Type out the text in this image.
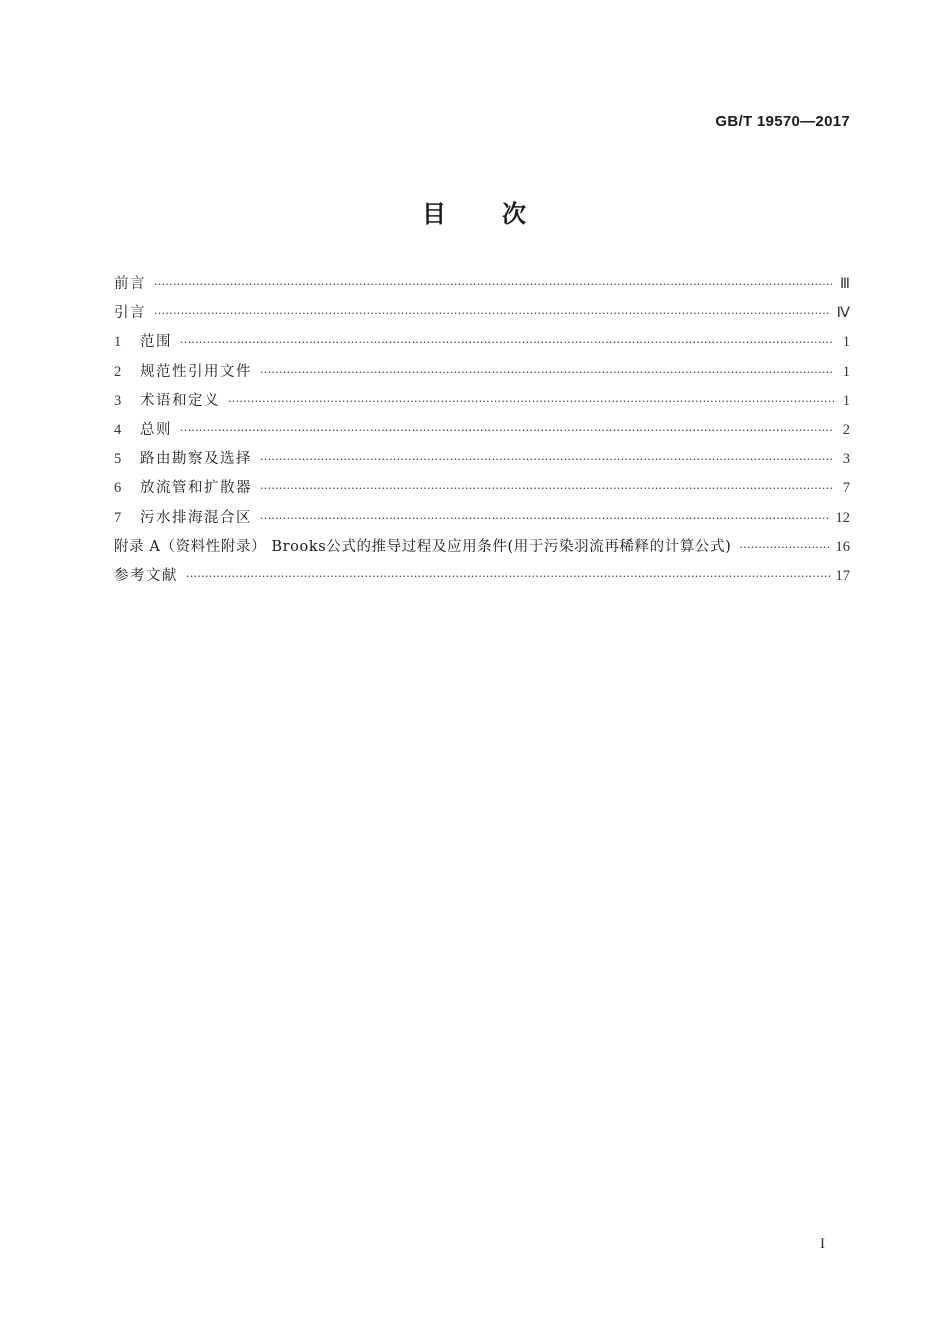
GB/T 19570—2017
目 次
前言 ·····	Ⅲ
引言 ·····	Ⅳ
1	范围 ·····	1
2	规范性引用文件 ·····	1
3	术语和定义 ·····	1
4	总则 ·····	2
5	路由勘察及选择 ·····	3
6	放流管和扩散器 ·····	7
7	污水排海混合区 ·····	12
附录 A（资料性附录） Brooks公式的推导过程及应用条件(用于污染羽流再稀释的计算公式) ·····	16
参考文献 ·····	17
I
